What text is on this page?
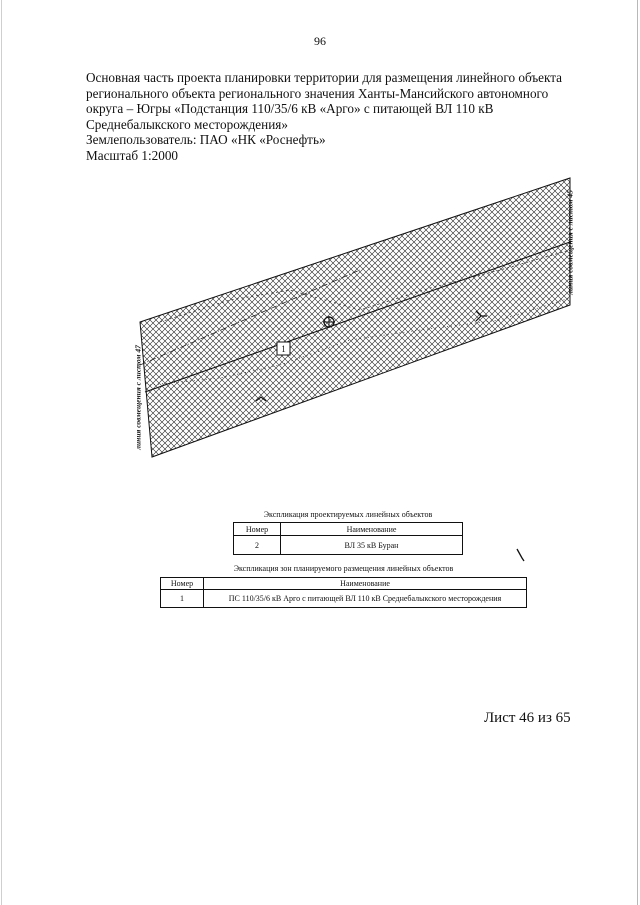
96
Основная часть проекта планировки территории для размещения линейного объекта
регионального объекта регионального значения Ханты-Мансийского автономного
округа – Югры «Подстанция 110/35/6 кВ «Арго» с питающей ВЛ 110 кВ
Среднебалыкского месторождения»
Землепользователь: ПАО «НК «Роснефть»
Масштаб 1:2000
1
линия совмещения с листом 47
линия совмещения с листом 45
Экспликация проектируемых линейных объектов
Номер	Наименование
2	ВЛ 35 кВ Буран
Экспликация зон планируемого размещения линейных объектов
Номер	Наименование
1	ПС 110/35/6 кВ Арго с питающей ВЛ 110 кВ Среднебалыкского месторождения
Лист 46 из 65
